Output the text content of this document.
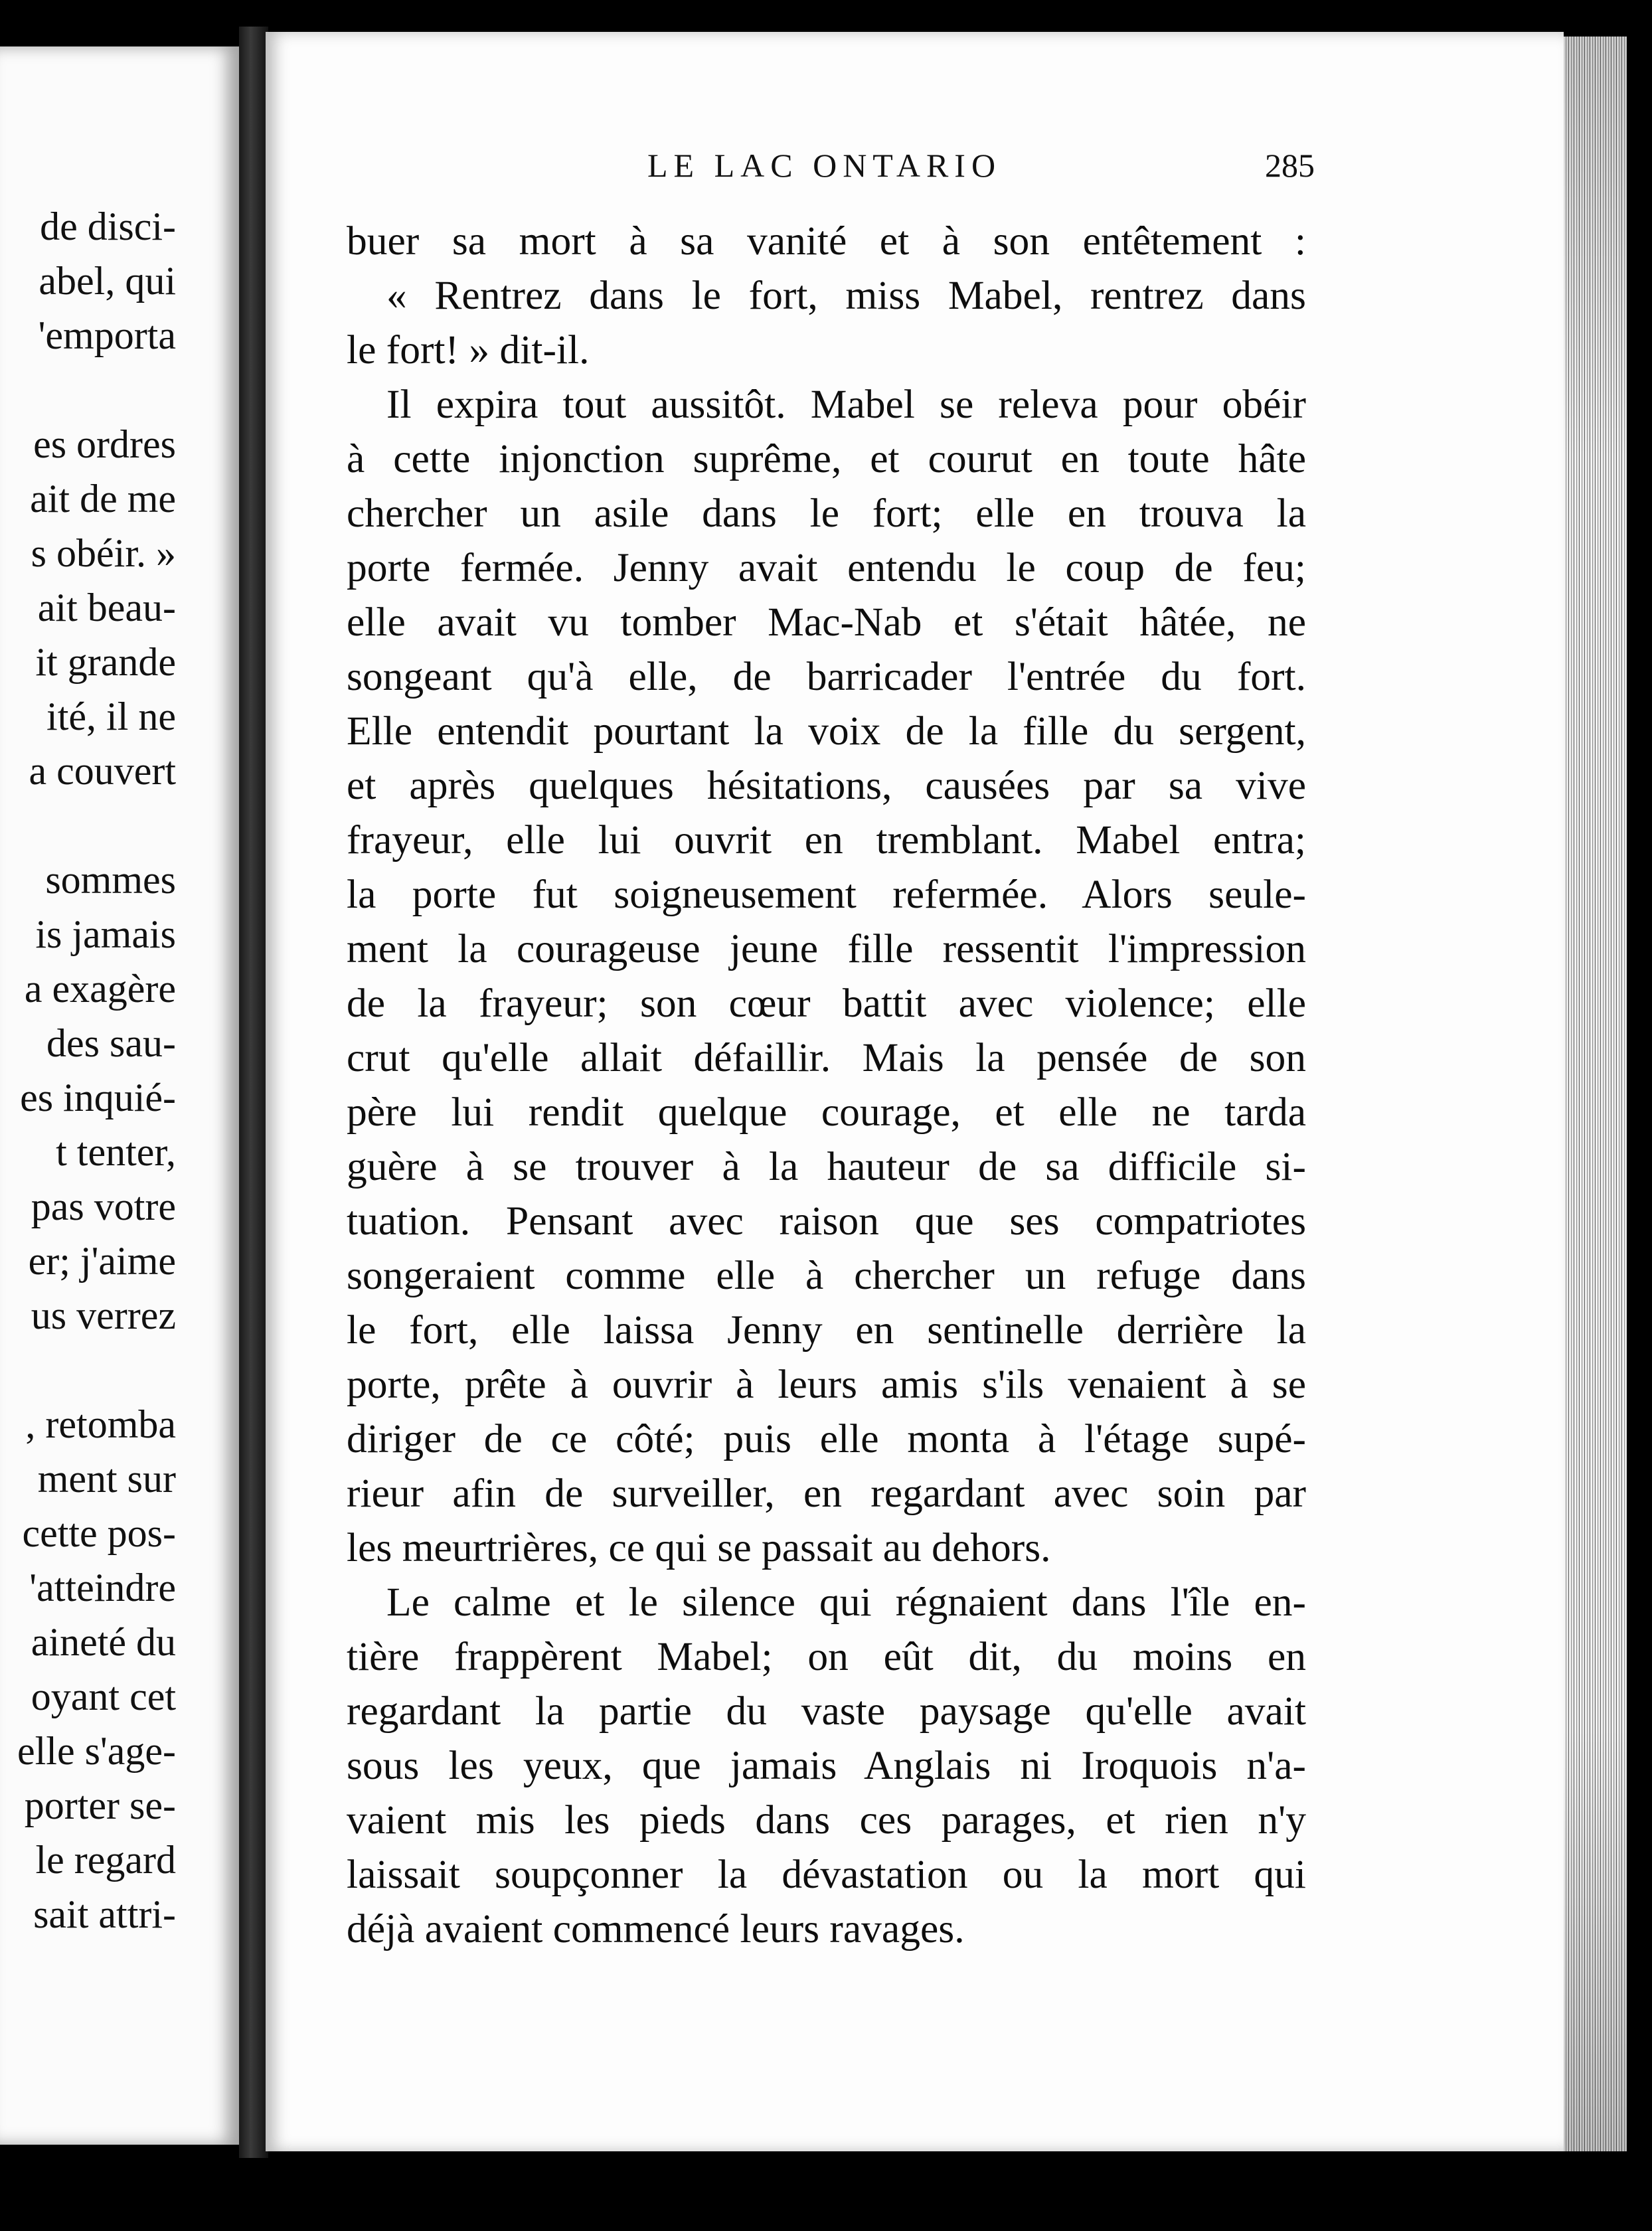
de disci-
abel, qui
'emporta
es ordres
ait de me
s obéir. »
ait beau-
it grande
ité, il ne
a couvert
sommes
is jamais
a exagère
des sau-
es inquié-
t tenter,
pas votre
er; j'aime
us verrez
, retomba
ment sur
cette pos-
'atteindre
aineté du
oyant cet
elle s'age-
porter se-
le regard
sait attri-
LE LAC ONTARIO	285
buer sa mort à sa vanité et à son entêtement :
« Rentrez dans le fort, miss Mabel, rentrez dans
le fort! » dit-il.
Il expira tout aussitôt. Mabel se releva pour obéir
à cette injonction suprême, et courut en toute hâte
chercher un asile dans le fort; elle en trouva la
porte fermée. Jenny avait entendu le coup de feu;
elle avait vu tomber Mac-Nab et s'était hâtée, ne
songeant qu'à elle, de barricader l'entrée du fort.
Elle entendit pourtant la voix de la fille du sergent,
et après quelques hésitations, causées par sa vive
frayeur, elle lui ouvrit en tremblant. Mabel entra;
la porte fut soigneusement refermée. Alors seule-
ment la courageuse jeune fille ressentit l'impression
de la frayeur; son cœur battit avec violence; elle
crut qu'elle allait défaillir. Mais la pensée de son
père lui rendit quelque courage, et elle ne tarda
guère à se trouver à la hauteur de sa difficile si-
tuation. Pensant avec raison que ses compatriotes
songeraient comme elle à chercher un refuge dans
le fort, elle laissa Jenny en sentinelle derrière la
porte, prête à ouvrir à leurs amis s'ils venaient à se
diriger de ce côté; puis elle monta à l'étage supé-
rieur afin de surveiller, en regardant avec soin par
les meurtrières, ce qui se passait au dehors.
Le calme et le silence qui régnaient dans l'île en-
tière frappèrent Mabel; on eût dit, du moins en
regardant la partie du vaste paysage qu'elle avait
sous les yeux, que jamais Anglais ni Iroquois n'a-
vaient mis les pieds dans ces parages, et rien n'y
laissait soupçonner la dévastation ou la mort qui
déjà avaient commencé leurs ravages.
